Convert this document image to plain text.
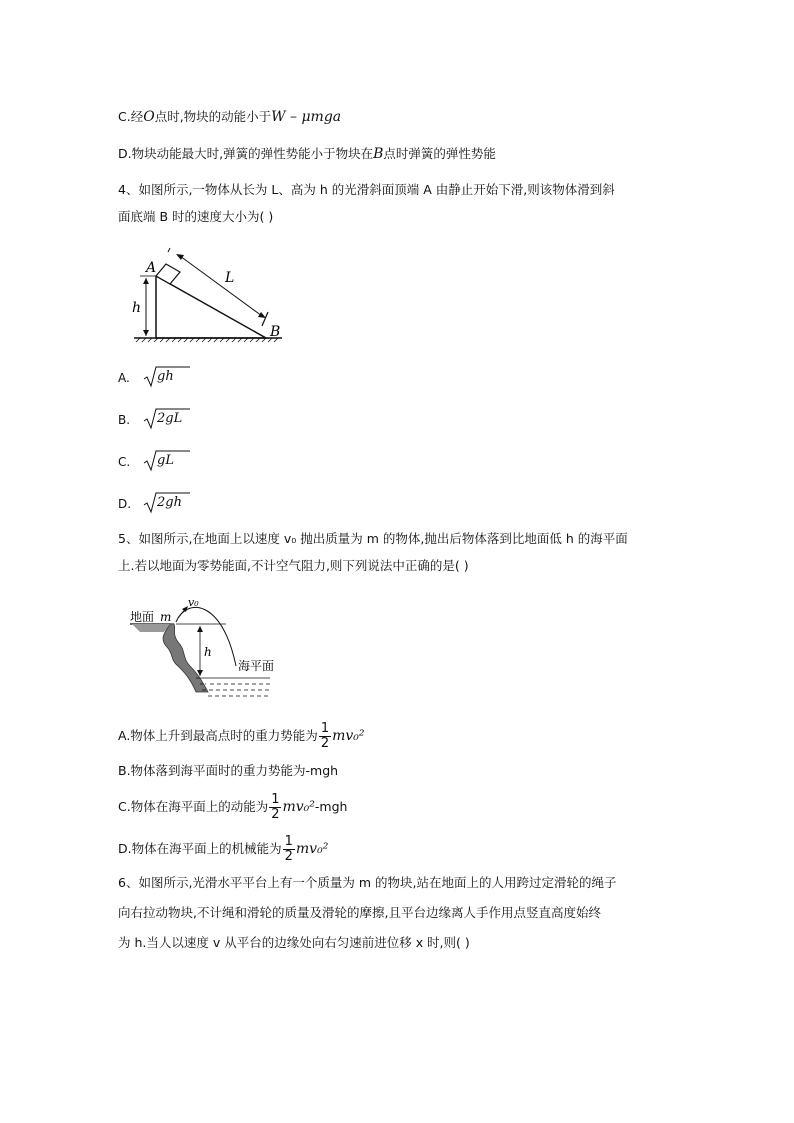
C.经O点时,物块的动能小于W – μmga
D.物块动能最大时,弹簧的弹性势能小于物块在B点时弹簧的弹性势能
4、如图所示,一物体从长为 L、高为 h 的光滑斜面顶端 A 由静止开始下滑,则该物体滑到斜
面底端 B 时的速度大小为( )
A
L
h
B
A. gh
B. 2gL
C. gL
D. 2gh
5、如图所示,在地面上以速度 v₀ 抛出质量为 m 的物体,抛出后物体落到比地面低 h 的海平面
上.若以地面为零势能面,不计空气阻力,则下列说法中正确的是( )
地面 m
v₀
h
海平面
A.物体上升到最高点时的重力势能为 $\frac{1}{2} mv_0^2$
B.物体落到海平面时的重力势能为-mgh
C.物体在海平面上的动能为 $\frac{1}{2} mv_0^2-mgh$
D.物体在海平面上的机械能为 $\frac{1}{2} mv_0^2$
6、如图所示,光滑水平平台上有一个质量为 m 的物块,站在地面上的人用跨过定滑轮的绳子
向右拉动物块,不计绳和滑轮的质量及滑轮的摩擦,且平台边缘离人手作用点竖直高度始终
为 h.当人以速度 v 从平台的边缘处向右匀速前进位移 x 时,则( )
